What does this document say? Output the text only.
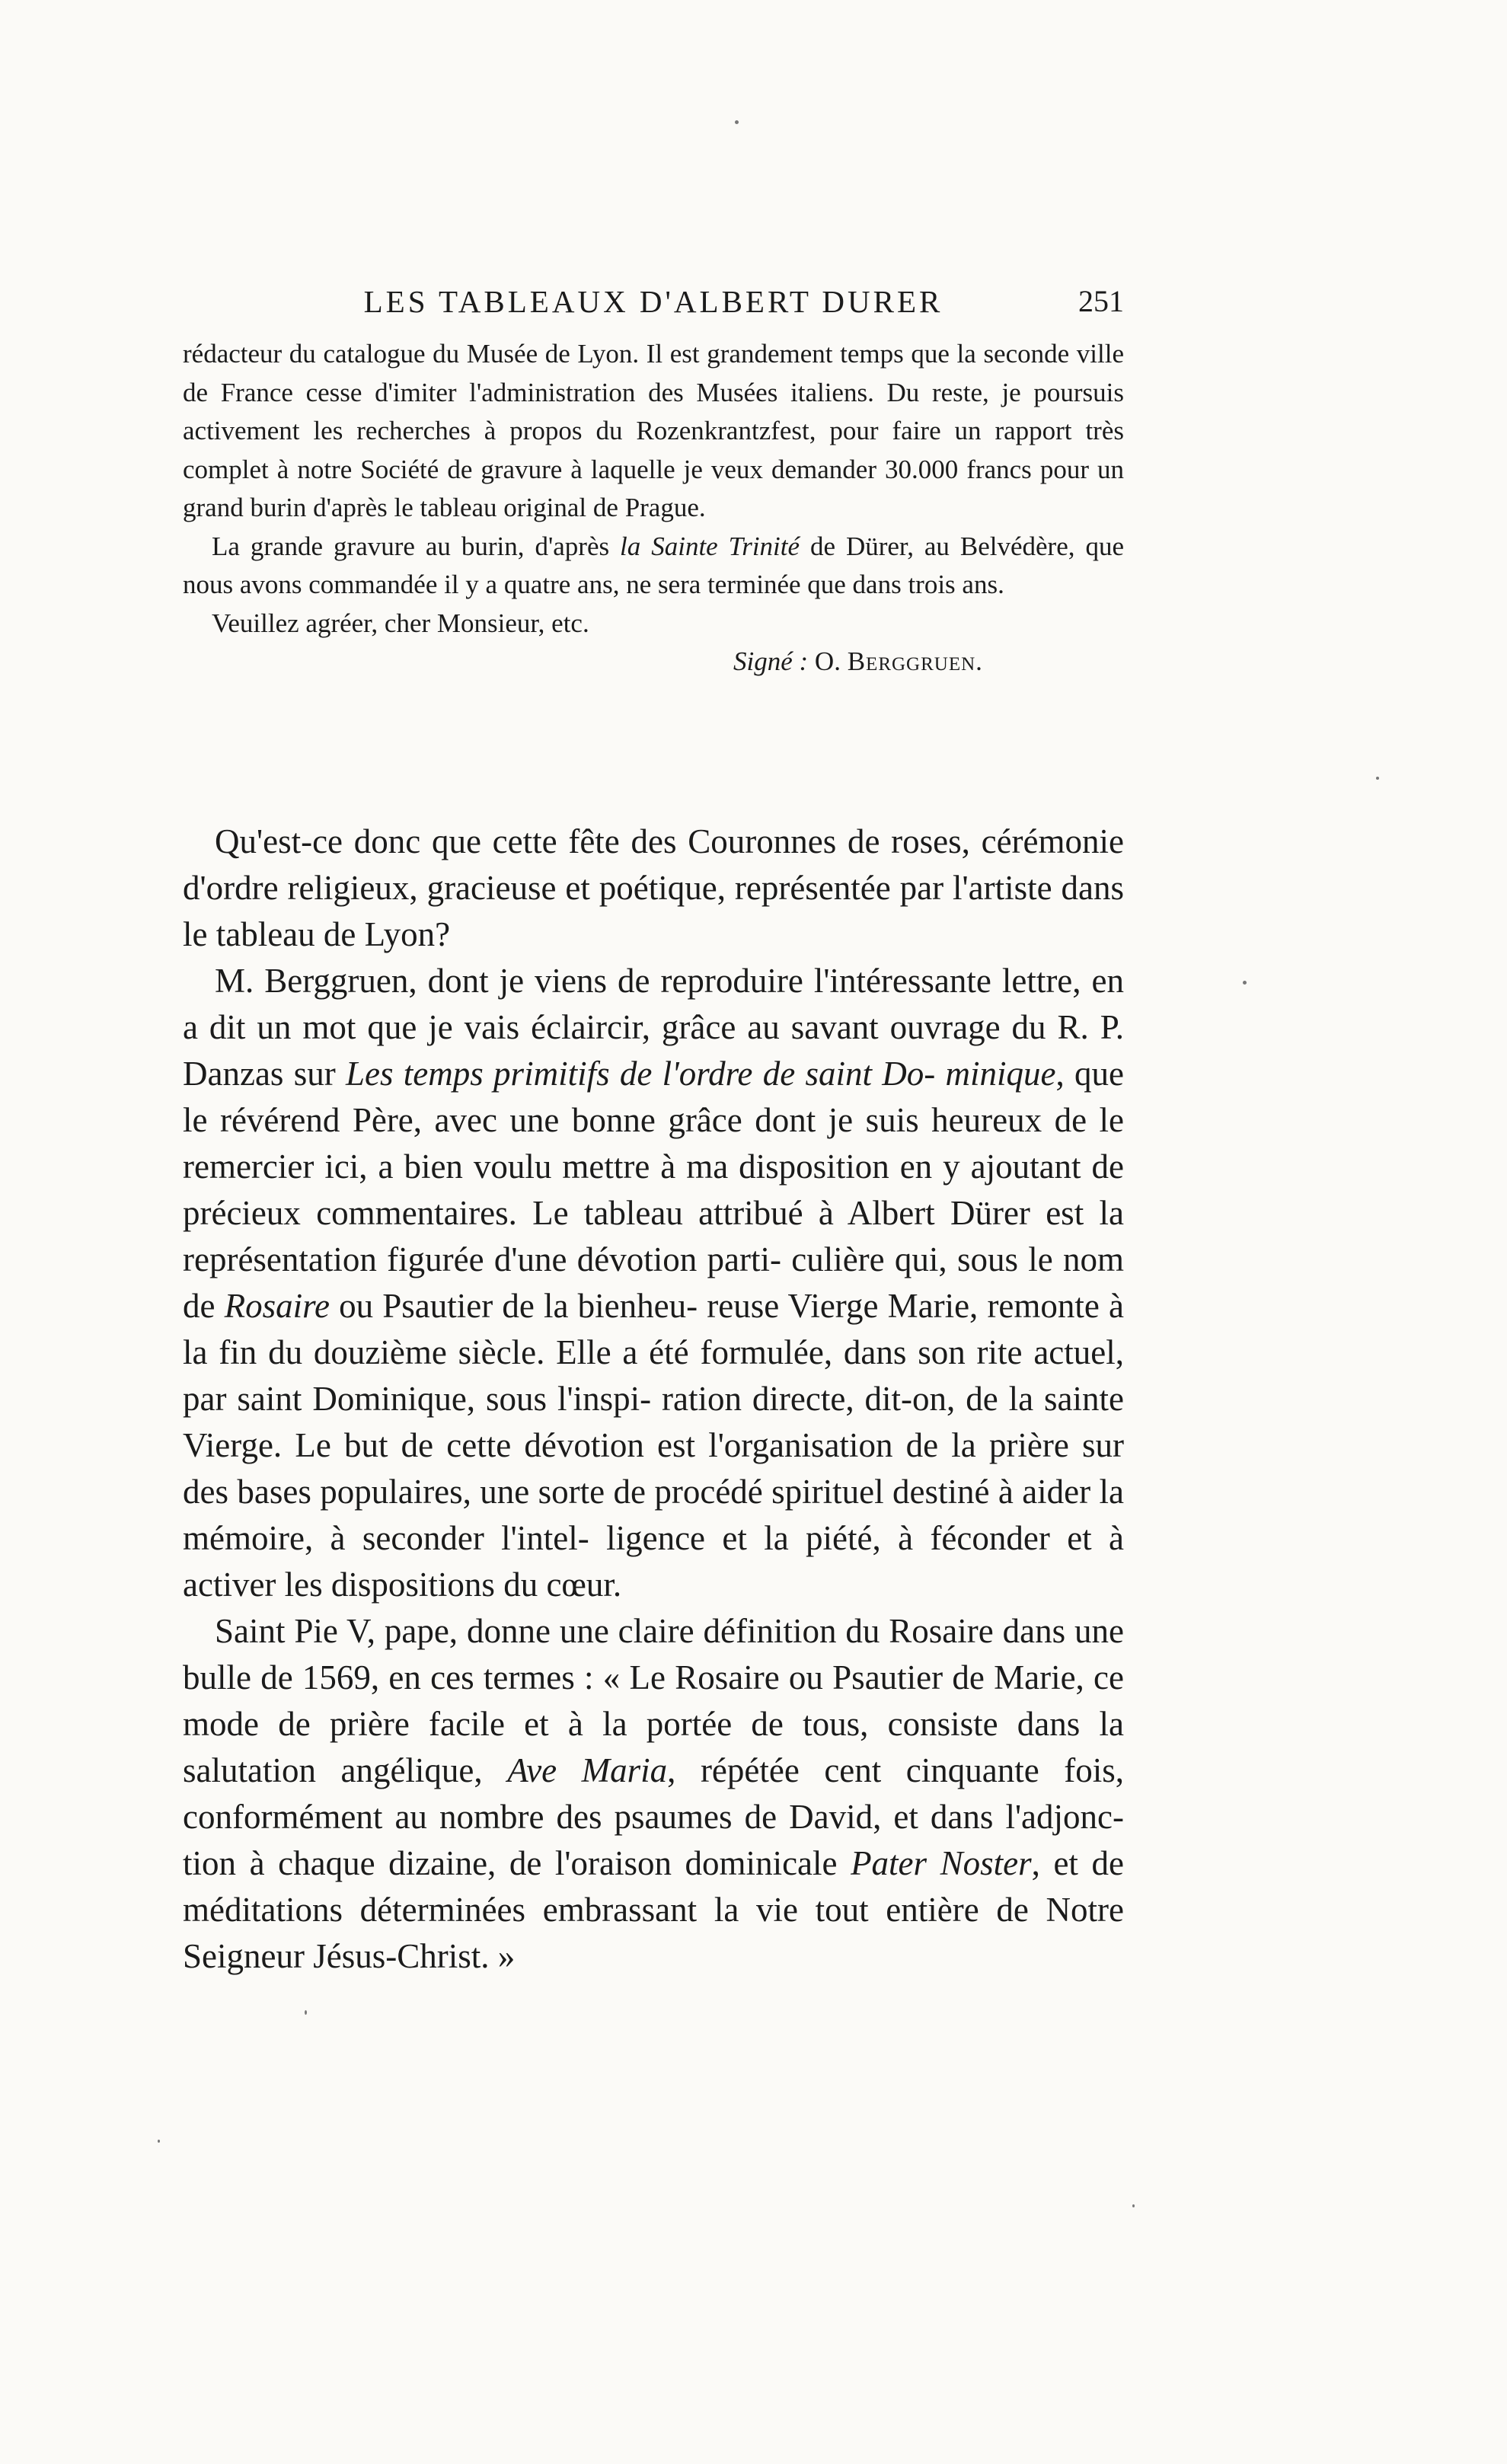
LES TABLEAUX D'ALBERT DURER	251

rédacteur du catalogue du Musée de Lyon. Il est grandement temps que la seconde ville de France cesse d'imiter l'administration des Musées italiens. Du reste, je poursuis activement les recherches à propos du Rozenkrantzfest, pour faire un rapport très complet à notre Société de gravure à laquelle je veux demander 30.000 francs pour un grand burin d'après le tableau original de Prague.

La grande gravure au burin, d'après la Sainte Trinité de Dürer, au Belvédère, que nous avons commandée il y a quatre ans, ne sera terminée que dans trois ans.

Veuillez agréer, cher Monsieur, etc.

Signé : O. Berggruen.

Qu'est-ce donc que cette fête des Couronnes de roses, cérémonie d'ordre religieux, gracieuse et poétique, représentée par l'artiste dans le tableau de Lyon?

M. Berggruen, dont je viens de reproduire l'intéressante lettre, en a dit un mot que je vais éclaircir, grâce au savant ouvrage du R. P. Danzas sur Les temps primitifs de l'ordre de saint Do- minique, que le révérend Père, avec une bonne grâce dont je suis heureux de le remercier ici, a bien voulu mettre à ma disposition en y ajoutant de précieux commentaires. Le tableau attribué à Albert Dürer est la représentation figurée d'une dévotion parti- culière qui, sous le nom de Rosaire ou Psautier de la bienheu- reuse Vierge Marie, remonte à la fin du douzième siècle. Elle a été formulée, dans son rite actuel, par saint Dominique, sous l'inspi- ration directe, dit-on, de la sainte Vierge. Le but de cette dévotion est l'organisation de la prière sur des bases populaires, une sorte de procédé spirituel destiné à aider la mémoire, à seconder l'intel- ligence et la piété, à féconder et à activer les dispositions du cœur.

Saint Pie V, pape, donne une claire définition du Rosaire dans une bulle de 1569, en ces termes : « Le Rosaire ou Psautier de Marie, ce mode de prière facile et à la portée de tous, consiste dans la salutation angélique, Ave Maria, répétée cent cinquante fois, conformément au nombre des psaumes de David, et dans l'adjonc- tion à chaque dizaine, de l'oraison dominicale Pater Noster, et de méditations déterminées embrassant la vie tout entière de Notre Seigneur Jésus-Christ. »
